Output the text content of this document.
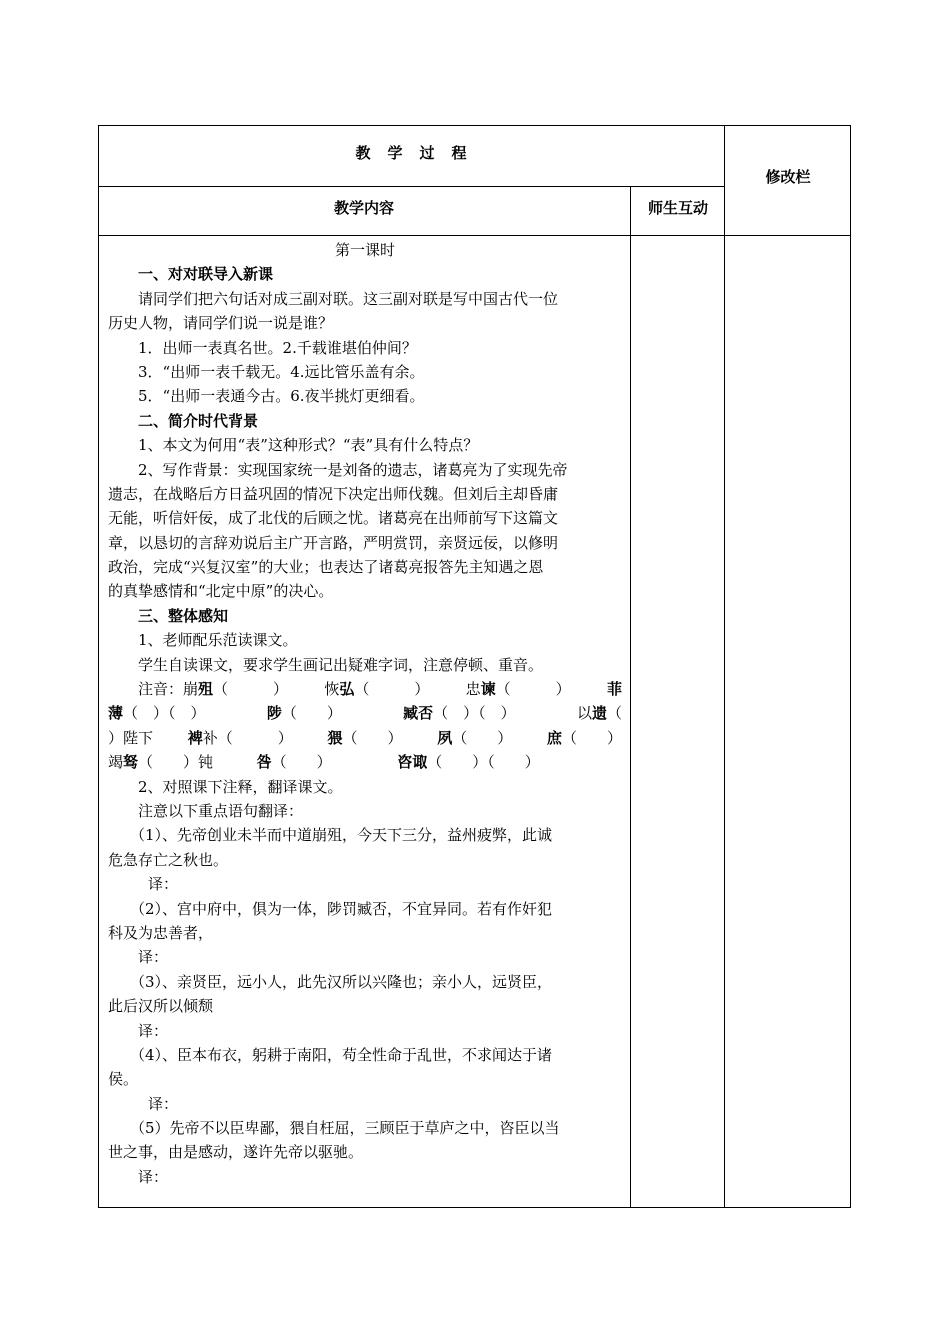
教　学　过　程
修改栏
教学内容	师生互动
第一课时
一、对对联导入新课
请同学们把六句话对成三副对联。这三副对联是写中国古代一位
历史人物，请同学们说一说是谁？
1．出师一表真名世。2.千载谁堪伯仲间？
3．“出师一表千载无。4.远比管乐盖有余。
5．“出师一表通今古。6.夜半挑灯更细看。
二、简介时代背景
1、本文为何用“表”这种形式？“表”具有什么特点？
2、写作背景：实现国家统一是刘备的遗志，诸葛亮为了实现先帝
遗志，在战略后方日益巩固的情况下决定出师伐魏。但刘后主却昏庸
无能，听信奸佞，成了北伐的后顾之忧。诸葛亮在出师前写下这篇文
章，以恳切的言辞劝说后主广开言路，严明赏罚，亲贤远佞，以修明
政治，完成“兴复汉室”的大业；也表达了诸葛亮报答先主知遇之恩
的真挚感情和“北定中原”的决心。
三、整体感知
1、老师配乐范读课文。
学生自读课文，要求学生画记出疑难字词，注意停顿、重音。
注音：崩殂（　　　） 恢弘（　　　） 忠谏（　　　） 菲
薄（　）（　）	陟（　　）	臧否（　）（　）	以遗（
）陛下 裨补（　　　） 猥（　　） 夙（　　） 庶（　　）
竭驽（　　）钝	咎（　　）	咨诹（　　）（　　）
2、对照课下注释，翻译课文。
注意以下重点语句翻译：
（1）、先帝创业未半而中道崩殂，今天下三分，益州疲弊，此诚
危急存亡之秋也。
译：
（2）、宫中府中，俱为一体，陟罚臧否，不宜异同。若有作奸犯
科及为忠善者，
译：
（3）、亲贤臣，远小人，此先汉所以兴隆也；亲小人，远贤臣，
此后汉所以倾颓
译：
（4）、臣本布衣，躬耕于南阳，苟全性命于乱世，不求闻达于诸
侯。
译：
（5）先帝不以臣卑鄙，猥自枉屈，三顾臣于草庐之中，咨臣以当
世之事，由是感动，遂许先帝以驱驰。
译：
